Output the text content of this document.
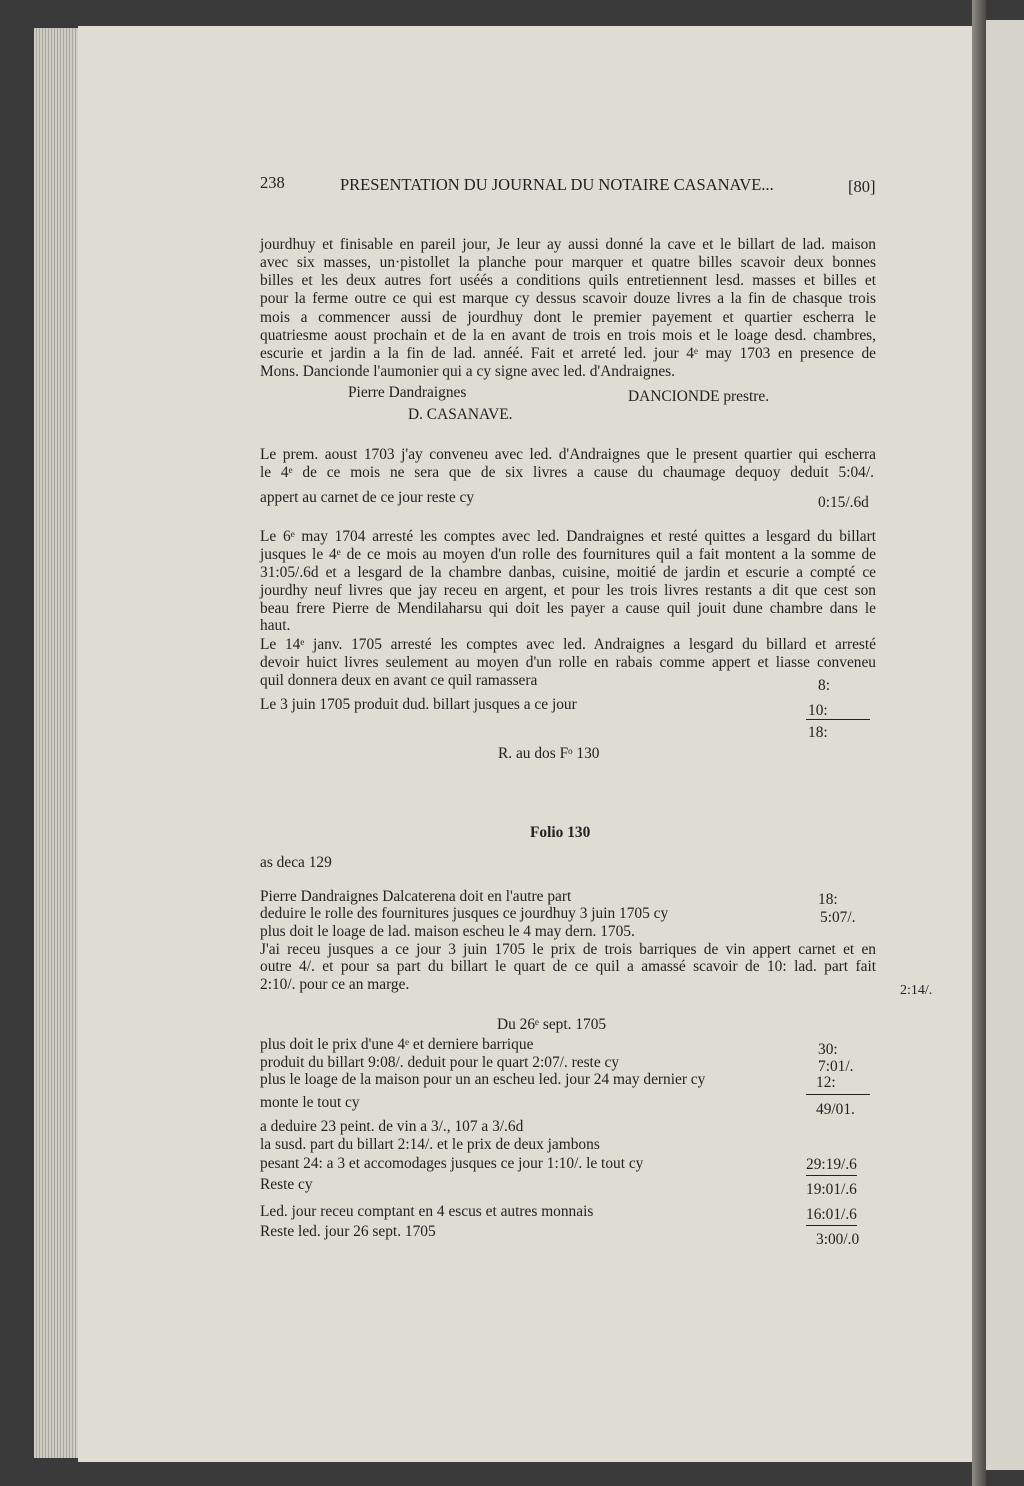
238	PRESENTATION DU JOURNAL DU NOTAIRE CASANAVE...	[80]
jourdhuy et finisable en pareil jour, Je leur ay aussi donné la cave et le billart de lad. maison
avec six masses, un·pistollet la planche pour marquer et quatre billes scavoir deux bonnes
billes et les deux autres fort uséés a conditions quils entretiennent lesd. masses et billes et
pour la ferme outre ce qui est marque cy dessus scavoir douze livres a la fin de chasque trois
mois a commencer aussi de jourdhuy dont le premier payement et quartier escherra le
quatriesme aoust prochain et de la en avant de trois en trois mois et le loage desd. chambres,
escurie et jardin a la fin de lad. annéé. Fait et arreté led. jour 4ᵉ may 1703 en presence de
Mons. Dancionde l'aumonier qui a cy signe avec led. d'Andraignes.
Pierre Dandraignes	DANCIONDE prestre.
D. CASANAVE.
Le prem. aoust 1703 j'ay conveneu avec led. d'Andraignes que le present quartier qui escherra
le 4ᵉ de ce mois ne sera que de six livres a cause du chaumage dequoy deduit 5:04/.
appert au carnet de ce jour reste cy	0:15/.6d
Le 6ᵉ may 1704 arresté les comptes avec led. Dandraignes et resté quittes a lesgard du billart
jusques le 4ᵉ de ce mois au moyen d'un rolle des fournitures quil a fait montent a la somme de
31:05/.6d et a lesgard de la chambre danbas, cuisine, moitié de jardin et escurie a compté ce
jourdhy neuf livres que jay receu en argent, et pour les trois livres restants a dit que cest son
beau frere Pierre de Mendilaharsu qui doit les payer a cause quil jouit dune chambre dans le
haut.
Le 14ᵉ janv. 1705 arresté les comptes avec led. Andraignes a lesgard du billard et arresté
devoir huict livres seulement au moyen d'un rolle en rabais comme appert et liasse conveneu
quil donnera deux en avant ce quil ramassera	8:
Le 3 juin 1705 produit dud. billart jusques a ce jour	10:
18:
R. au dos Fᵒ 130
Folio 130
as deca 129
Pierre Dandraignes Dalcaterena doit en l'autre part	18:
deduire le rolle des fournitures jusques ce jourdhuy 3 juin 1705 cy	5:07/.
plus doit le loage de lad. maison escheu le 4 may dern. 1705.
J'ai receu jusques a ce jour 3 juin 1705 le prix de trois barriques de vin appert carnet et en
outre 4/. et pour sa part du billart le quart de ce quil a amassé scavoir de 10: lad. part fait
2:10/. pour ce an marge.	2:14/.
Du 26ᵉ sept. 1705
plus doit le prix d'une 4ᵉ et derniere barrique	30:
produit du billart 9:08/. deduit pour le quart 2:07/. reste cy	7:01/.
plus le loage de la maison pour un an escheu led. jour 24 may dernier cy	12:
monte le tout cy	49/01.
a deduire 23 peint. de vin a 3/., 107 a 3/.6d
la susd. part du billart 2:14/. et le prix de deux jambons
pesant 24: a 3 et accomodages jusques ce jour 1:10/. le tout cy	29:19/.6
Reste cy	19:01/.6
Led. jour receu comptant en 4 escus et autres monnais	16:01/.6
Reste led. jour 26 sept. 1705	3:00/.0
